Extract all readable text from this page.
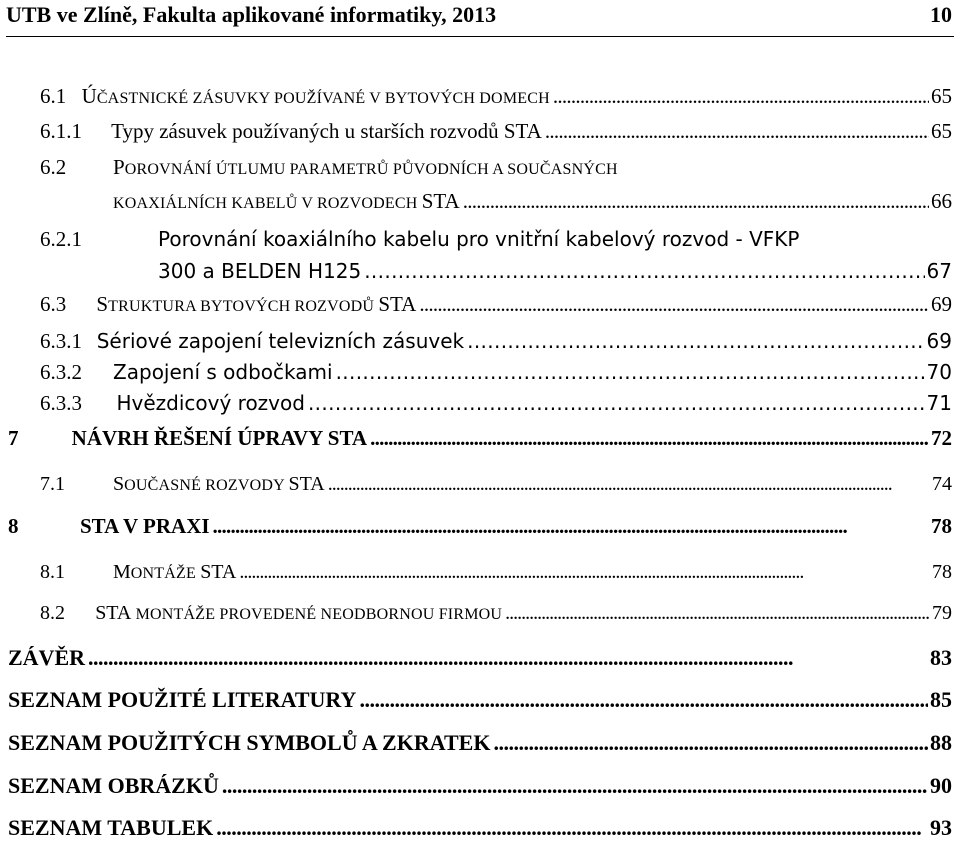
UTB ve Zlíně, Fakulta aplikované informatiky, 2013	10
6.1 ÚČASTNICKÉ ZÁSUVKY POUŽÍVANÉ V BYTOVÝCH DOMECH . . .	65
6.1.1	Typy zásuvek používaných u starších rozvodů STA . . .	65
6.2 POROVNÁNÍ ÚTLUMU PARAMETRŮ PŮVODNÍCH A SOUČASNÝCH
KOAXIÁLNÍCH KABELŮ V ROZVODECH STA . . .	66
6.2.1	Porovnání koaxiálního kabelu pro vnitřní kabelový rozvod - VFKP
300 a BELDEN H125 . . .	67
6.3	STRUKTURA BYTOVÝCH ROZVODŮ STA . . .	69
6.3.1 Sériové zapojení televizních zásuvek . . .	69
6.3.2	Zapojení s odbočkami . . .	70
6.3.3	Hvězdicový rozvod . . .	71
7	NÁVRH ŘEŠENÍ ÚPRAVY STA . . .	72
7.1	SOUČASNÉ ROZVODY STA . . .	74
8	STA V PRAXI . . .	78
8.1	MONTÁŽE STA . . .	78
8.2	STA MONTÁŽE PROVEDENÉ NEODBORNOU FIRMOU . . .	79
ZÁVĚR . . .	83
SEZNAM POUŽITÉ LITERATURY . . .	85
SEZNAM POUŽITÝCH SYMBOLŮ A ZKRATEK . . .	88
SEZNAM OBRÁZKŮ . . .	90
SEZNAM TABULEK . . .	93
